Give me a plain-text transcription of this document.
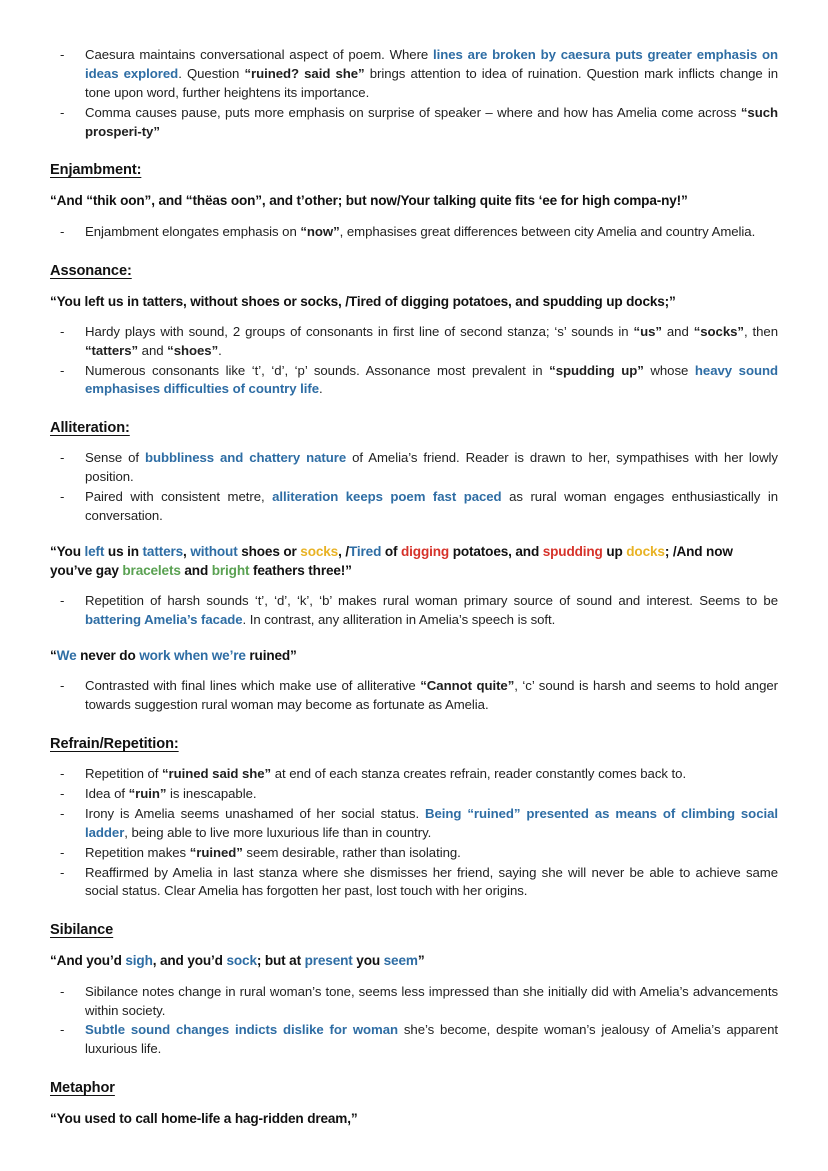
- Caesura maintains conversational aspect of poem. Where lines are broken by caesura puts greater emphasis on ideas explored. Question “ruined? said she” brings attention to idea of ruination. Question mark inflicts change in tone upon word, further heightens its importance.
- Comma causes pause, puts more emphasis on surprise of speaker – where and how has Amelia come across “such prosperi-ty”
Enjambment:
“And “thik oon”, and “thëas oon”, and t’other; but now/Your talking quite fits ‘ee for high compa-ny!”
- Enjambment elongates emphasis on “now”, emphasises great differences between city Amelia and country Amelia.
Assonance:
“You left us in tatters, without shoes or socks, /Tired of digging potatoes, and spudding up docks;”
- Hardy plays with sound, 2 groups of consonants in first line of second stanza; ‘s’ sounds in “us” and “socks”, then “tatters” and “shoes”.
- Numerous consonants like ‘t’, ‘d’, ‘p’ sounds. Assonance most prevalent in “spudding up” whose heavy sound emphasises difficulties of country life.
Alliteration:
- Sense of bubbliness and chattery nature of Amelia’s friend. Reader is drawn to her, sympathises with her lowly position.
- Paired with consistent metre, alliteration keeps poem fast paced as rural woman engages enthusiastically in conversation.
“You left us in tatters, without shoes or socks, /Tired of digging potatoes, and spudding up docks; /And now you’ve gay bracelets and bright feathers three!”
- Repetition of harsh sounds ‘t’, ‘d’, ‘k’, ‘b’ makes rural woman primary source of sound and interest. Seems to be battering Amelia’s facade. In contrast, any alliteration in Amelia’s speech is soft.
“We never do work when we’re ruined”
- Contrasted with final lines which make use of alliterative “Cannot quite”, ‘c’ sound is harsh and seems to hold anger towards suggestion rural woman may become as fortunate as Amelia.
Refrain/Repetition:
- Repetition of “ruined said she” at end of each stanza creates refrain, reader constantly comes back to.
- Idea of “ruin” is inescapable.
- Irony is Amelia seems unashamed of her social status. Being “ruined” presented as means of climbing social ladder, being able to live more luxurious life than in country.
- Repetition makes “ruined” seem desirable, rather than isolating.
- Reaffirmed by Amelia in last stanza where she dismisses her friend, saying she will never be able to achieve same social status. Clear Amelia has forgotten her past, lost touch with her origins.
Sibilance
“And you’d sigh, and you’d sock; but at present you seem”
- Sibilance notes change in rural woman’s tone, seems less impressed than she initially did with Amelia’s advancements within society.
- Subtle sound changes indicts dislike for woman she’s become, despite woman’s jealousy of Amelia’s apparent luxurious life.
Metaphor
“You used to call home-life a hag-ridden dream,”
